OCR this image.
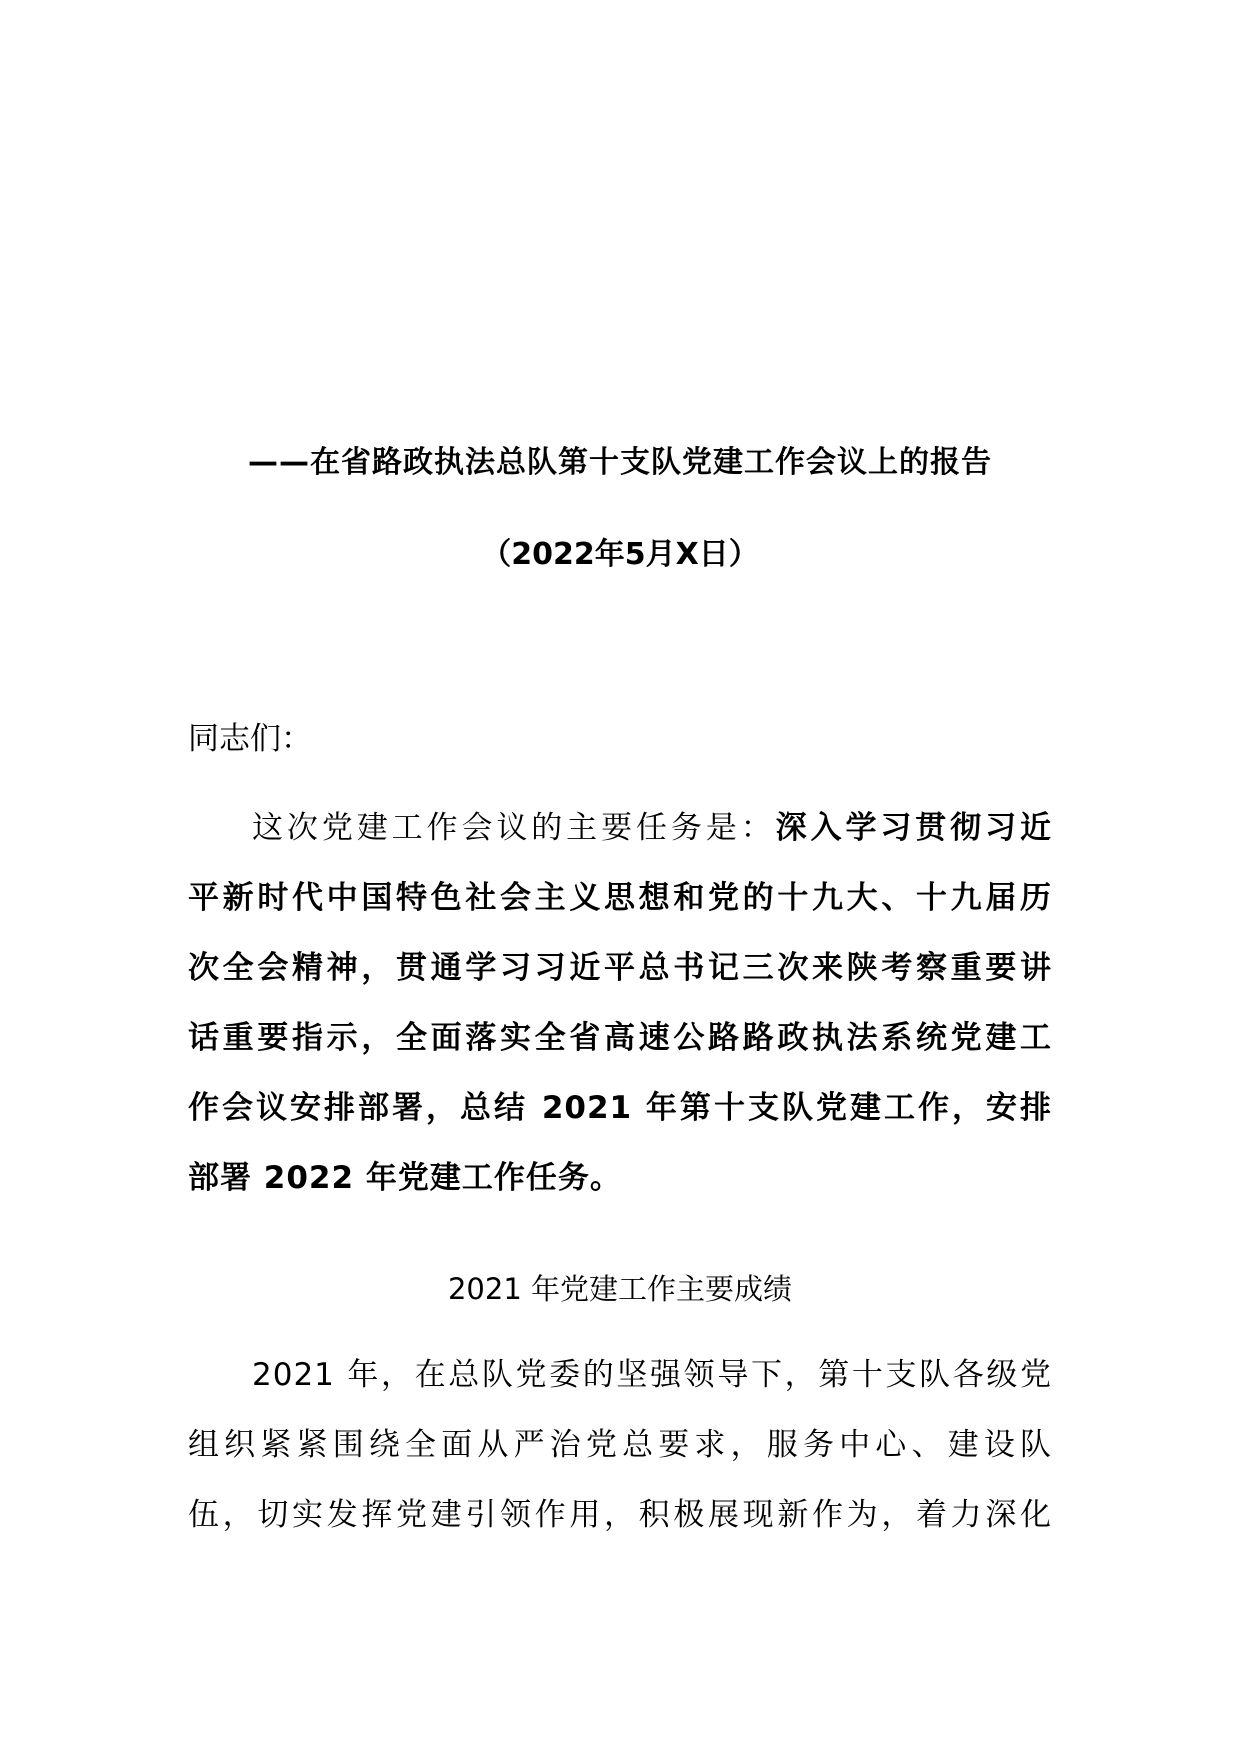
——在省路政执法总队第十支队党建工作会议上的报告
（2022年5月X日）
同志们：
这次党建工作会议的主要任务是：深入学习贯彻习近
平新时代中国特色社会主义思想和党的十九大、十九届历
次全会精神，贯通学习习近平总书记三次来陕考察重要讲
话重要指示，全面落实全省高速公路路政执法系统党建工
作会议安排部署，总结 2021 年第十支队党建工作，安排
部署 2022 年党建工作任务。
2021 年党建工作主要成绩
2021 年，在总队党委的坚强领导下，第十支队各级党
组织紧紧围绕全面从严治党总要求，服务中心、建设队
伍，切实发挥党建引领作用，积极展现新作为，着力深化
